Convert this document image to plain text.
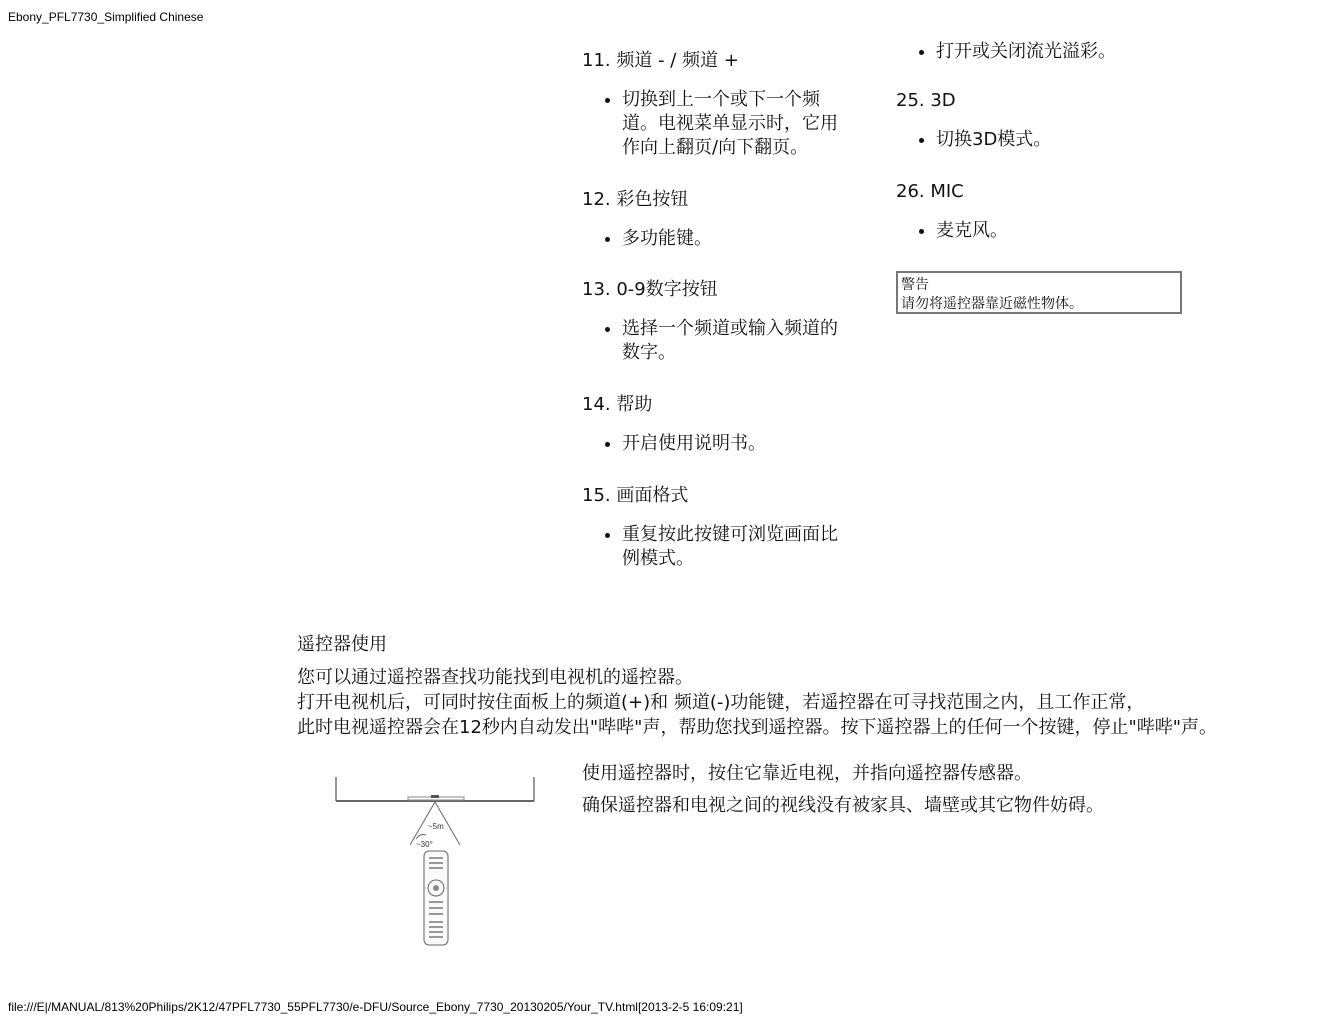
Ebony_PFL7730_Simplified Chinese
11. 频道 - / 频道 +
• 切换到上一个或下一个频
道。电视菜单显示时，它用
作向上翻页/向下翻页。
12. 彩色按钮
• 多功能键。
13. 0-9数字按钮
• 选择一个频道或输入频道的
数字。
14. 帮助
• 开启使用说明书。
15. 画面格式
• 重复按此按键可浏览画面比
例模式。
• 打开或关闭流光溢彩。
25. 3D
• 切换3D模式。
26. MIC
• 麦克风。
警告
请勿将遥控器靠近磁性物体。
遥控器使用
您可以通过遥控器查找功能找到电视机的遥控器。
打开电视机后，可同时按住面板上的频道(+)和 频道(-)功能键，若遥控器在可寻找范围之内，且工作正常，
此时电视遥控器会在12秒内自动发出"哔哔"声，帮助您找到遥控器。按下遥控器上的任何一个按键，停止"哔哔"声。
~5m
~30°
使用遥控器时，按住它靠近电视，并指向遥控器传感器。
确保遥控器和电视之间的视线没有被家具、墙壁或其它物件妨碍。
file:///E|/MANUAL/813%20Philips/2K12/47PFL7730_55PFL7730/e-DFU/Source_Ebony_7730_20130205/Your_TV.html[2013-2-5 16:09:21]
